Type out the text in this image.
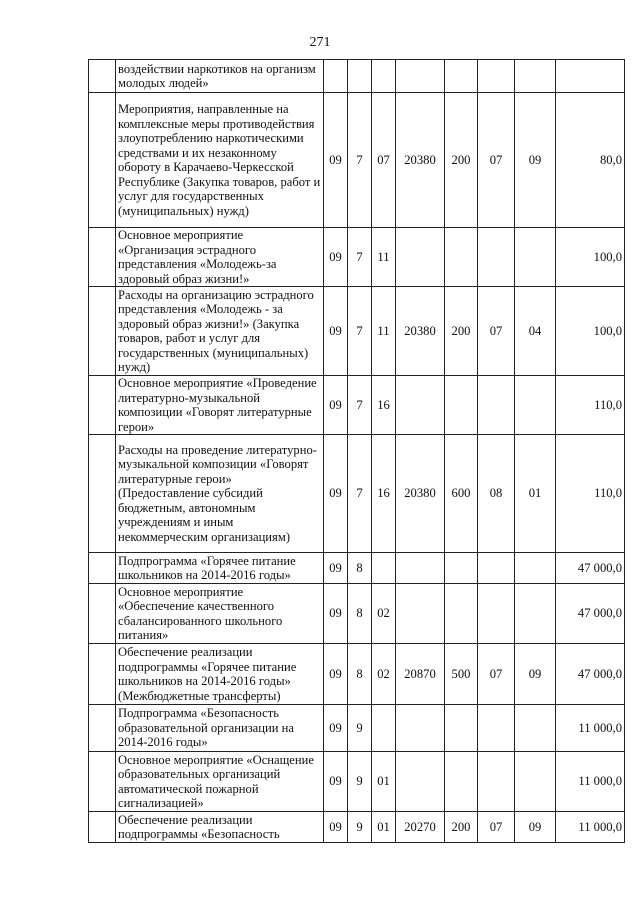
271
	воздействии наркотиков на организм молодых людей»								
	Мероприятия, направленные на комплексные меры противодействия злоупотреблению наркотическими средствами и их незаконному обороту в Карачаево-Черкесской Республике (Закупка товаров, работ и услуг для государственных (муниципальных) нужд)	09	7	07	20380	200	07	09	80,0
	Основное мероприятие «Организация эстрадного представления «Молодежь-за здоровый образ жизни!»	09	7	11					100,0
	Расходы на организацию эстрадного представления «Молодежь - за здоровый образ жизни!» (Закупка товаров, работ и услуг для государственных (муниципальных) нужд)	09	7	11	20380	200	07	04	100,0
	Основное мероприятие «Проведение литературно-музыкальной композиции «Говорят литературные герои»	09	7	16					110,0
	Расходы на проведение литературно-музыкальной композиции «Говорят литературные герои» (Предоставление субсидий бюджетным, автономным учреждениям и иным некоммерческим организациям)	09	7	16	20380	600	08	01	110,0
	Подпрограмма «Горячее питание школьников на 2014-2016 годы»	09	8						47 000,0
	Основное мероприятие «Обеспечение качественного сбалансированного школьного питания»	09	8	02					47 000,0
	Обеспечение реализации подпрограммы «Горячее питание школьников на 2014-2016 годы» (Межбюджетные трансферты)	09	8	02	20870	500	07	09	47 000,0
	Подпрограмма «Безопасность образовательной организации на 2014-2016 годы»	09	9						11 000,0
	Основное мероприятие «Оснащение образовательных организаций автоматической пожарной сигнализацией»	09	9	01					11 000,0
	Обеспечение реализации подпрограммы «Безопасность	09	9	01	20270	200	07	09	11 000,0
